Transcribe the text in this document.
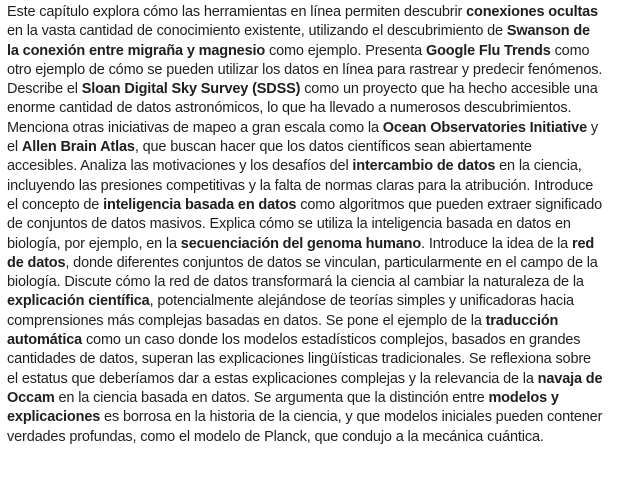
Este capítulo explora cómo las herramientas en línea permiten descubrir conexiones ocultas en la vasta cantidad de conocimiento existente, utilizando el descubrimiento de Swanson de la conexión entre migraña y magnesio como ejemplo. Presenta Google Flu Trends como otro ejemplo de cómo se pueden utilizar los datos en línea para rastrear y predecir fenómenos. Describe el Sloan Digital Sky Survey (SDSS) como un proyecto que ha hecho accesible una enorme cantidad de datos astronómicos, lo que ha llevado a numerosos descubrimientos. Menciona otras iniciativas de mapeo a gran escala como la Ocean Observatories Initiative y el Allen Brain Atlas, que buscan hacer que los datos científicos sean abiertamente accesibles. Analiza las motivaciones y los desafíos del intercambio de datos en la ciencia, incluyendo las presiones competitivas y la falta de normas claras para la atribución. Introduce el concepto de inteligencia basada en datos como algoritmos que pueden extraer significado de conjuntos de datos masivos. Explica cómo se utiliza la inteligencia basada en datos en biología, por ejemplo, en la secuenciación del genoma humano. Introduce la idea de la red de datos, donde diferentes conjuntos de datos se vinculan, particularmente en el campo de la biología. Discute cómo la red de datos transformará la ciencia al cambiar la naturaleza de la explicación científica, potencialmente alejándose de teorías simples y unificadoras hacia comprensiones más complejas basadas en datos. Se pone el ejemplo de la traducción automática como un caso donde los modelos estadísticos complejos, basados en grandes cantidades de datos, superan las explicaciones lingüísticas tradicionales. Se reflexiona sobre el estatus que deberíamos dar a estas explicaciones complejas y la relevancia de la navaja de Occam en la ciencia basada en datos. Se argumenta que la distinción entre modelos y explicaciones es borrosa en la historia de la ciencia, y que modelos iniciales pueden contener verdades profundas, como el modelo de Planck, que condujo a la mecánica cuántica.
